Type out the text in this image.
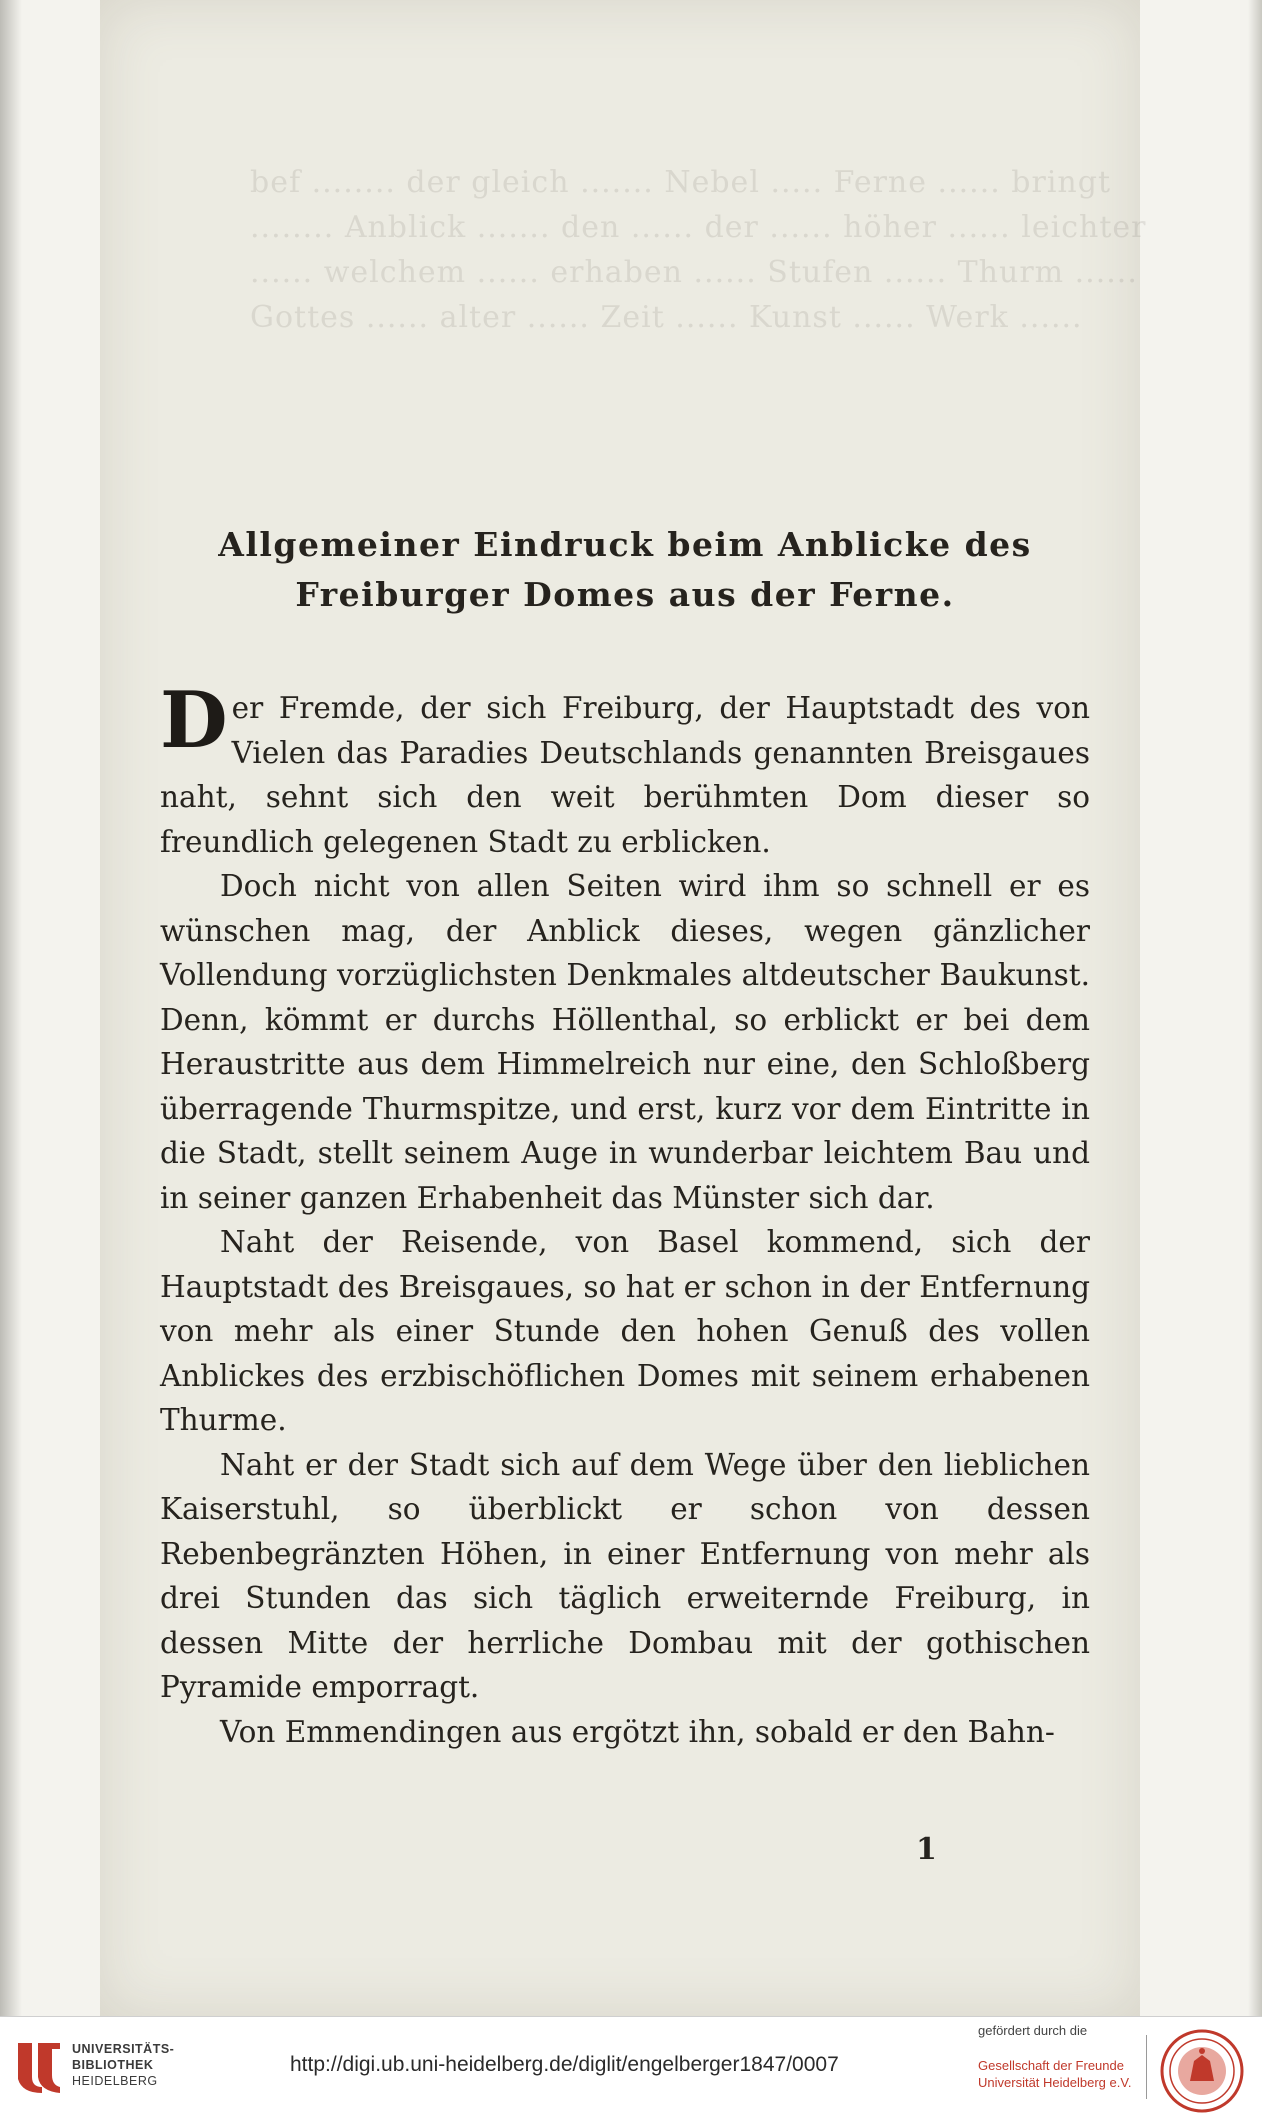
bef ........ der gleich ....... Nebel ..... Ferne ...... bringt ........ Anblick ....... den ...... der ...... höher ...... leichter ...... welchem ...... erhaben ...... Stufen ...... Thurm ...... Gottes ...... alter ...... Zeit ...... Kunst ...... Werk ......
Allgemeiner Eindruck beim Anblicke des
Freiburger Domes aus der Ferne.

Der Fremde, der sich Freiburg, der Hauptstadt des von Vielen das Paradies Deutschlands genannten Breisgaues naht, sehnt sich den weit berühmten Dom dieser so freundlich gelegenen Stadt zu erblicken.

Doch nicht von allen Seiten wird ihm so schnell er es wünschen mag, der Anblick dieses, wegen gänzlicher Vollendung vorzüglichsten Denkmales altdeutscher Baukunst. Denn, kömmt er durchs Höllenthal, so erblickt er bei dem Heraustritte aus dem Himmelreich nur eine, den Schloßberg überragende Thurmspitze, und erst, kurz vor dem Eintritte in die Stadt, stellt seinem Auge in wunderbar leichtem Bau und in seiner ganzen Erhabenheit das Münster sich dar.

Naht der Reisende, von Basel kommend, sich der Hauptstadt des Breisgaues, so hat er schon in der Entfernung von mehr als einer Stunde den hohen Genuß des vollen Anblickes des erzbischöflichen Domes mit seinem erhabenen Thurme.

Naht er der Stadt sich auf dem Wege über den lieblichen Kaiserstuhl, so überblickt er schon von dessen Rebenbegränzten Höhen, in einer Entfernung von mehr als drei Stunden das sich täglich erweiternde Freiburg, in dessen Mitte der herrliche Dombau mit der gothischen Pyramide emporragt.

Von Emmendingen aus ergötzt ihn, sobald er den Bahn-

1
UNIVERSITÄTS-
BIBLIOTHEK
HEIDELBERG
http://digi.ub.uni-heidelberg.de/diglit/engelberger1847/0007
gefördert durch die
Gesellschaft der Freunde
Universität Heidelberg e.V.
